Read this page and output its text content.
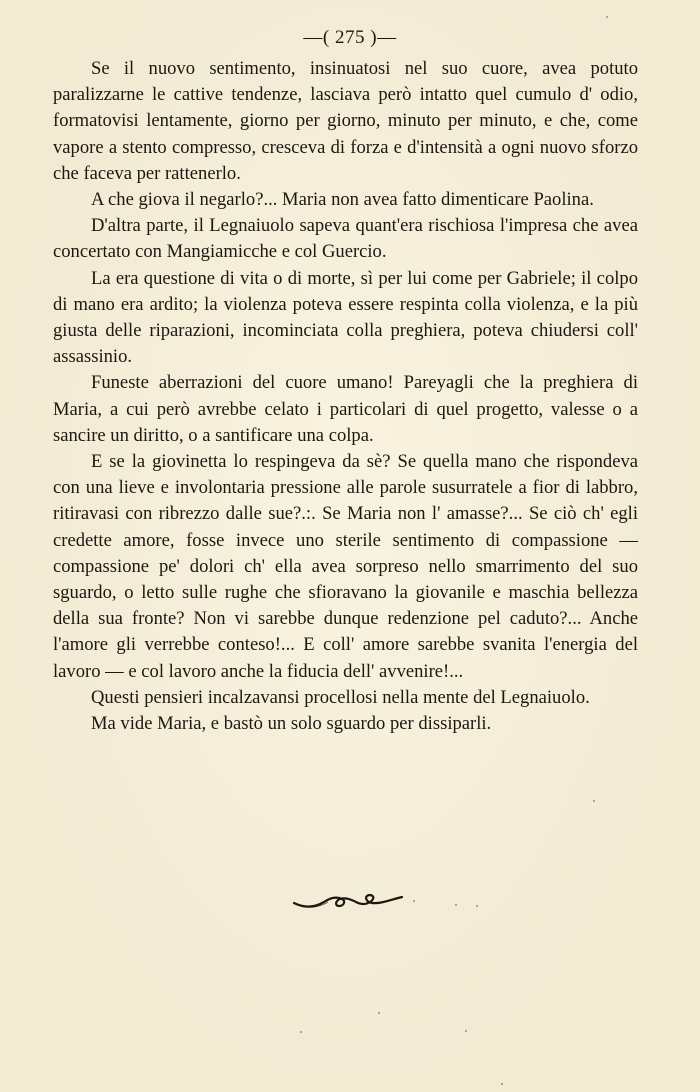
—( 275 )—

Se il nuovo sentimento, insinuatosi nel suo cuore, avea potuto paralizzarne le cattive tendenze, lasciava però intatto quel cumulo d' odio, formatovisi lentamente, giorno per giorno, minuto per minuto, e che, come vapore a stento compresso, cresceva di forza e d'intensità a ogni nuovo sforzo che faceva per rattenerlo.

A che giova il negarlo?... Maria non avea fatto dimenticare Paolina.

D'altra parte, il Legnaiuolo sapeva quant'era rischiosa l'impresa che avea concertato con Mangiamicche e col Guercio.

La era questione di vita o di morte, sì per lui come per Gabriele; il colpo di mano era ardito; la violenza poteva essere respinta colla violenza, e la più giusta delle riparazioni, incominciata colla preghiera, poteva chiudersi coll' assassinio.

Funeste aberrazioni del cuore umano! Pareyagli che la preghiera di Maria, a cui però avrebbe celato i particolari di quel progetto, valesse o a sancire un diritto, o a santificare una colpa.

E se la giovinetta lo respingeva da sè? Se quella mano che rispondeva con una lieve e involontaria pressione alle parole susurratele a fior di labbro, ritiravasi con ribrezzo dalle sue?.:. Se Maria non l' amasse?... Se ciò ch' egli credette amore, fosse invece uno sterile sentimento di compassione — compassione pe' dolori ch' ella avea sorpreso nello smarrimento del suo sguardo, o letto sulle rughe che sfioravano la giovanile e maschia bellezza della sua fronte? Non vi sarebbe dunque redenzione pel caduto?... Anche l'amore gli verrebbe conteso!... E coll' amore sarebbe svanita l'energia del lavoro — e col lavoro anche la fiducia dell' avvenire!...

Questi pensieri incalzavansi procellosi nella mente del Legnaiuolo.

Ma vide Maria, e bastò un solo sguardo per dissiparli.
